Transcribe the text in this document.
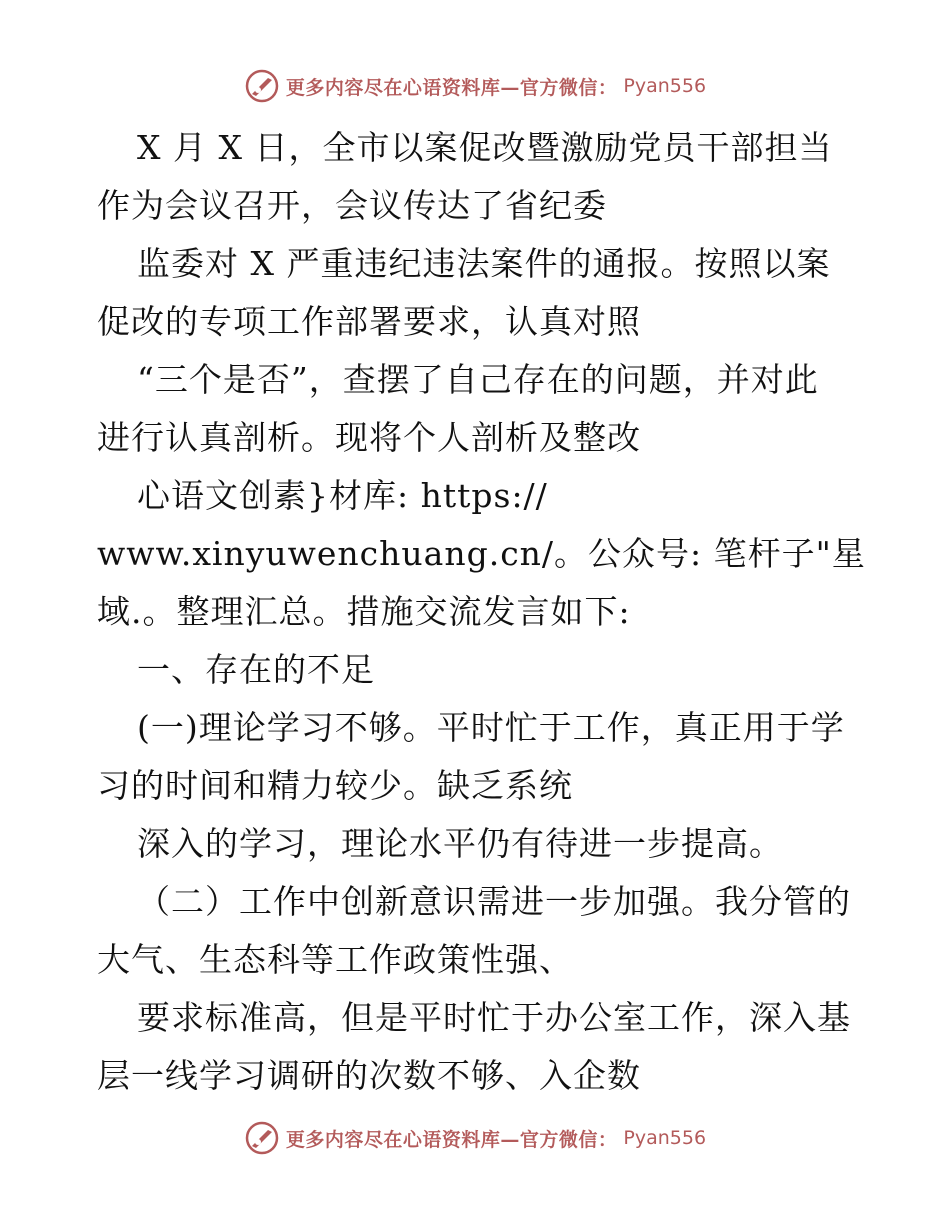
更多内容尽在心语资料库—官方微信： Pyan556
X 月 X 日，全市以案促改暨激励党员干部担当
作为会议召开，会议传达了省纪委
监委对 X 严重违纪违法案件的通报。按照以案
促改的专项工作部署要求，认真对照
“三个是否”，查摆了自己存在的问题，并对此
进行认真剖析。现将个人剖析及整改
心语文创素}材库: https://
www.xinyuwenchuang.cn/。公众号: 笔杆子"星
域.。整理汇总。措施交流发言如下:
一、存在的不足
(一)理论学习不够。平时忙于工作，真正用于学
习的时间和精力较少。缺乏系统
深入的学习，理论水平仍有待进一步提高。
（二）工作中创新意识需进一步加强。我分管的
大气、生态科等工作政策性强、
要求标准高，但是平时忙于办公室工作，深入基
层一线学习调研的次数不够、入企数
更多内容尽在心语资料库—官方微信： Pyan556
